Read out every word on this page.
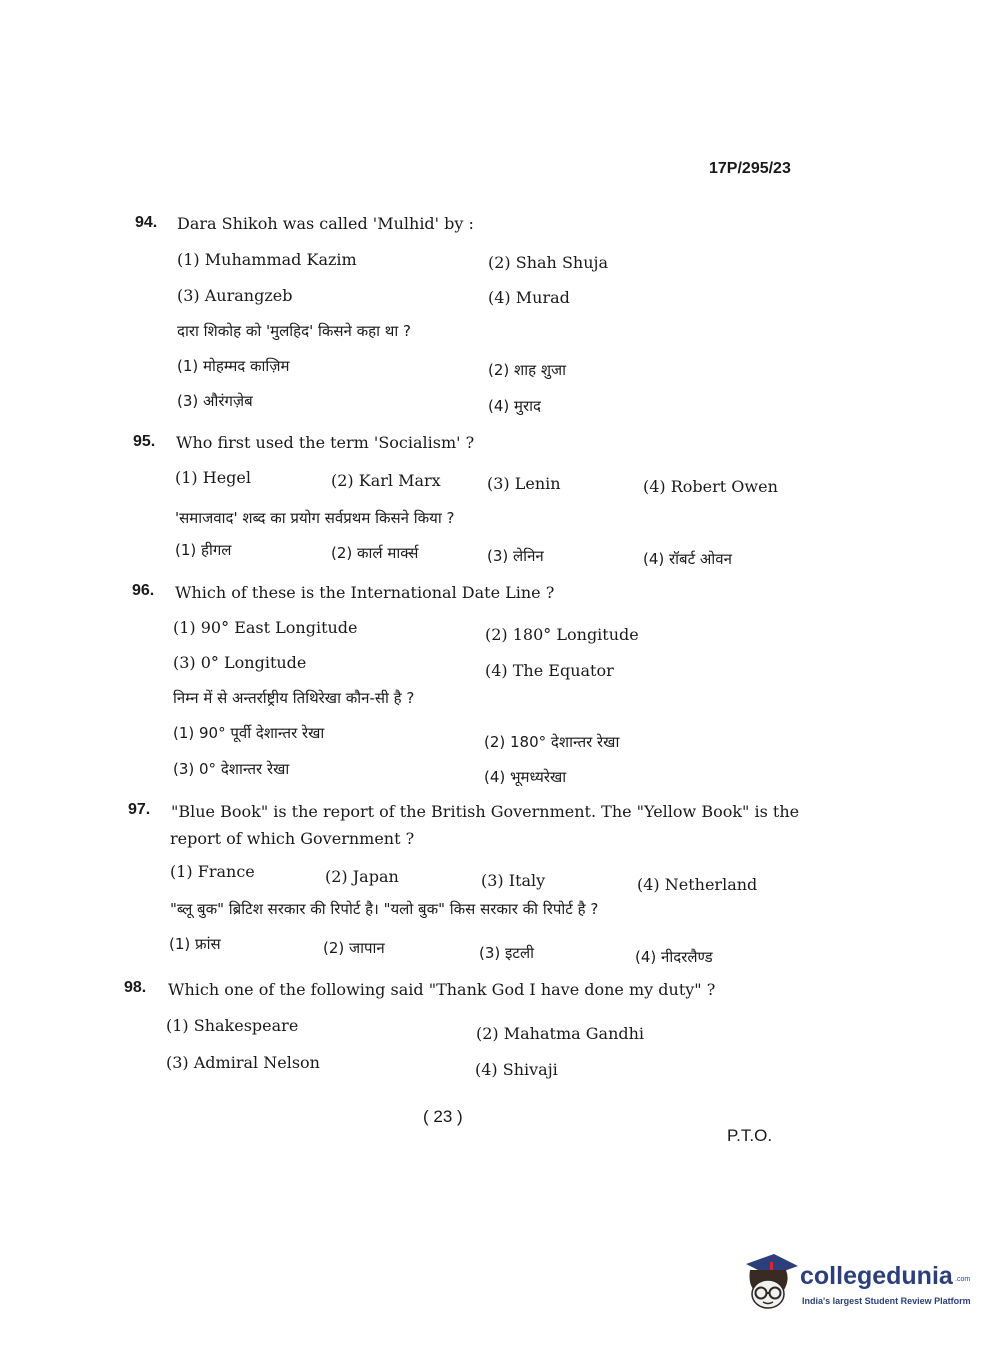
17P/295/23
94. Dara Shikoh was called 'Mulhid' by :
(1) Muhammad Kazim	(2) Shah Shuja
(3) Aurangzeb	(4) Murad
दारा शिकोह को 'मुलहिद' किसने कहा था ?
(1) मोहम्मद काज़िम	(2) शाह शुजा
(3) औरंगज़ेब	(4) मुराद
95. Who first used the term 'Socialism' ?
(1) Hegel	(2) Karl Marx	(3) Lenin	(4) Robert Owen
'समाजवाद' शब्द का प्रयोग सर्वप्रथम किसने किया ?
(1) हीगल	(2) कार्ल मार्क्स	(3) लेनिन	(4) रॉबर्ट ओवन
96. Which of these is the International Date Line ?
(1) 90° East Longitude	(2) 180° Longitude
(3) 0° Longitude	(4) The Equator
निम्न में से अन्तर्राष्ट्रीय तिथिरेखा कौन-सी है ?
(1) 90° पूर्वी देशान्तर रेखा	(2) 180° देशान्तर रेखा
(3) 0° देशान्तर रेखा	(4) भूमध्यरेखा
97. "Blue Book" is the report of the British Government. The "Yellow Book" is the
report of which Government ?
(1) France	(2) Japan	(3) Italy	(4) Netherland
"ब्लू बुक" ब्रिटिश सरकार की रिपोर्ट है। "यलो बुक" किस सरकार की रिपोर्ट है ?
(1) फ्रांस	(2) जापान	(3) इटली	(4) नीदरलैण्ड
98. Which one of the following said "Thank God I have done my duty" ?
(1) Shakespeare	(2) Mahatma Gandhi
(3) Admiral Nelson	(4) Shivaji
( 23 )
P.T.O.
collegedunia .com
India's largest Student Review Platform
